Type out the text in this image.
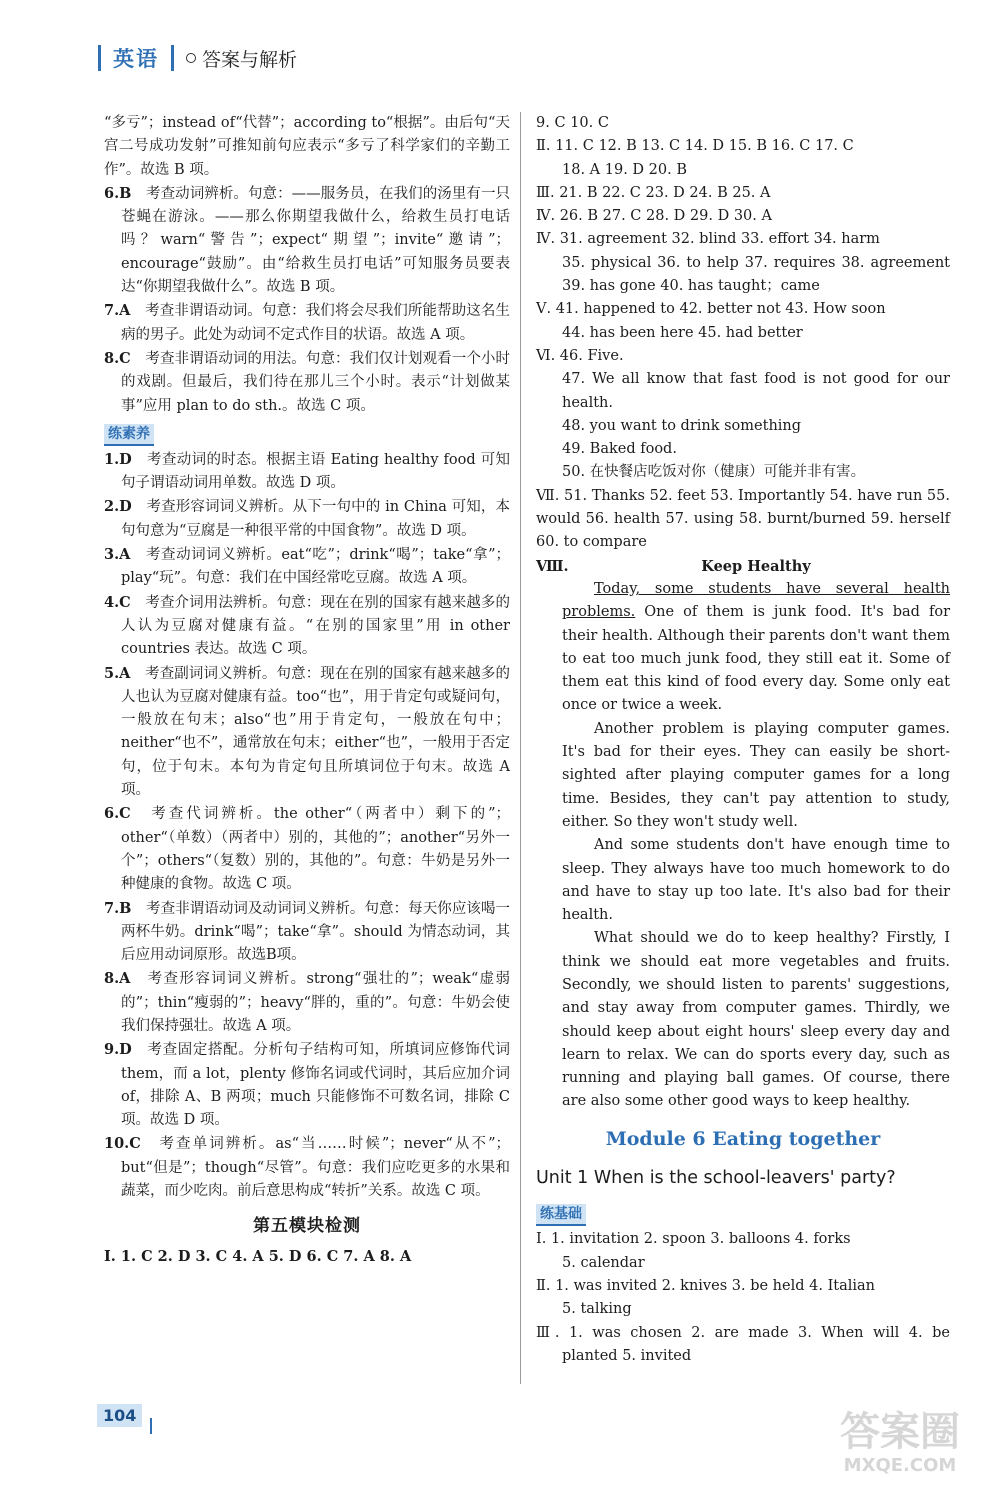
英语 答案与解析
“多亏”；instead of“代替”；according to“根据”。由后句“天宫二号成功发射”可推知前句应表示“多亏了科学家们的辛勤工作”。故选 B 项。
6.B　 考查动词辨析。句意：——服务员，在我们的汤里有一只苍蝇在游泳。——那么你期望我做什么，给救生员打电话吗？warn“警告”；expect“期望”；invite“邀请”；encourage“鼓励”。由“给救生员打电话”可知服务员要表达“你期望我做什么”。故选 B 项。
7.A　 考查非谓语动词。句意：我们将会尽我们所能帮助这名生病的男子。此处为动词不定式作目的状语。故选 A 项。
8.C　 考查非谓语动词的用法。句意：我们仅计划观看一个小时的戏剧。但最后，我们待在那儿三个小时。表示“计划做某事”应用 plan to do sth.。故选 C 项。
练素养
1.D　 考查动词的时态。根据主语 Eating healthy food 可知句子谓语动词用单数。故选 D 项。
2.D　 考查形容词词义辨析。从下一句中的 in China 可知，本句句意为“豆腐是一种很平常的中国食物”。故选 D 项。
3.A　 考查动词词义辨析。eat“吃”；drink“喝”；take“拿”；play“玩”。句意：我们在中国经常吃豆腐。故选 A 项。
4.C　 考查介词用法辨析。句意：现在在别的国家有越来越多的人认为豆腐对健康有益。“在别的国家里”用 in other countries 表达。故选 C 项。
5.A　 考查副词词义辨析。句意：现在在别的国家有越来越多的人也认为豆腐对健康有益。too“也”，用于肯定句或疑问句，一般放在句末；also“也”用于肯定句，一般放在句中；neither“也不”，通常放在句末；either“也”，一般用于否定句，位于句末。本句为肯定句且所填词位于句末。故选 A 项。
6.C　 考查代词辨析。the other“（两者中）剩下的”；other“（单数）（两者中）别的，其他的”；another“另外一个”；others“（复数）别的，其他的”。句意：牛奶是另外一种健康的食物。故选 C 项。
7.B　 考查非谓语动词及动词词义辨析。句意：每天你应该喝一两杯牛奶。drink“喝”；take“拿”。should 为情态动词，其后应用动词原形。故选B项。
8.A　 考查形容词词义辨析。strong“强壮的”；weak“虚弱的”；thin“瘦弱的”；heavy“胖的，重的”。句意：牛奶会使我们保持强壮。故选 A 项。
9.D　 考查固定搭配。分析句子结构可知，所填词应修饰代词 them，而 a lot，plenty 修饰名词或代词时，其后应加介词 of，排除 A、B 两项；much 只能修饰不可数名词，排除 C 项。故选 D 项。
10.C　 考查单词辨析。as“当……时候”；never“从不”；but“但是”；though“尽管”。句意：我们应吃更多的水果和蔬菜，而少吃肉。前后意思构成“转折”关系。故选 C 项。
第五模块检测
Ⅰ. 1. C 2. D 3. C 4. A 5. D 6. C 7. A 8. A
9. C 10. C
Ⅱ. 11. C 12. B 13. C 14. D 15. B 16. C 17. C
18. A 19. D 20. B
Ⅲ. 21. B 22. C 23. D 24. B 25. A
Ⅳ. 26. B 27. C 28. D 29. D 30. A
Ⅳ. 31. agreement 32. blind 33. effort 34. harm
35. physical 36. to help 37. requires 38. agreement 39. has gone 40. has taught；came
Ⅴ. 41. happened to 42. better not 43. How soon
44. has been here 45. had better
Ⅵ. 46. Five.
47. We all know that fast food is not good for our health.
48. you want to drink something
49. Baked food.
50. 在快餐店吃饭对你（健康）可能并非有害。
Ⅶ. 51. Thanks 52. feet 53. Importantly 54. have run 55. would 56. health 57. using 58. burnt/burned 59. herself 60. to compare
Ⅷ.	Keep Healthy
Today, some students have several health problems. One of them is junk food. It's bad for their health. Although their parents don't want them to eat too much junk food, they still eat it. Some of them eat this kind of food every day. Some only eat once or twice a week.
Another problem is playing computer games. It's bad for their eyes. They can easily be short-sighted after playing computer games for a long time. Besides, they can't pay attention to study, either. So they won't study well.
And some students don't have enough time to sleep. They always have too much homework to do and have to stay up too late. It's also bad for their health.
What should we do to keep healthy? Firstly, I think we should eat more vegetables and fruits. Secondly, we should listen to parents' suggestions, and stay away from computer games. Thirdly, we should keep about eight hours' sleep every day and learn to relax. We can do sports every day, such as running and playing ball games. Of course, there are also some other good ways to keep healthy.
Module 6 Eating together
Unit 1 When is the school-leavers' party?
练基础
Ⅰ. 1. invitation 2. spoon 3. balloons 4. forks
5. calendar
Ⅱ. 1. was invited 2. knives 3. be held 4. Italian
5. talking
Ⅲ. 1. was chosen 2. are made 3. When will 4. be planted 5. invited
104	答案圈
MXQE.COM
